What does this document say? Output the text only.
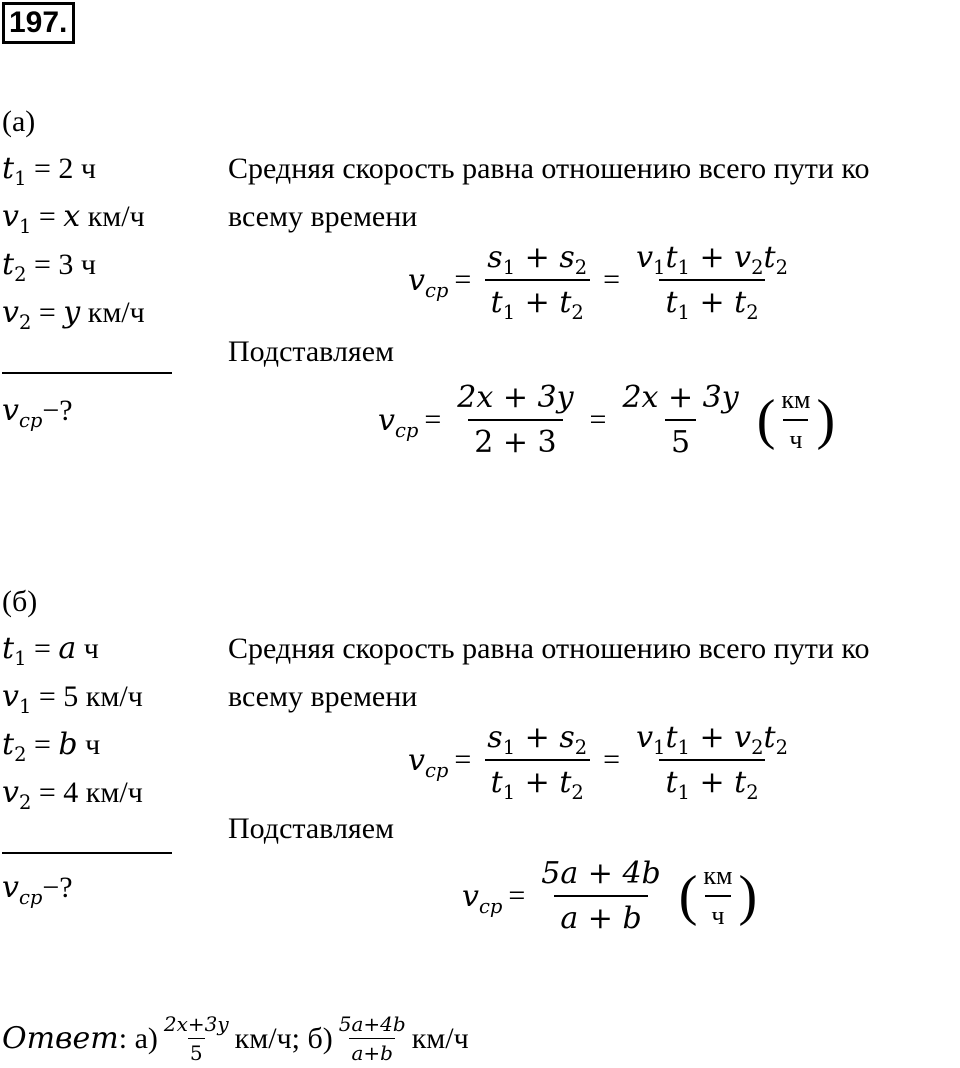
197.
(а)
$t_1 = 2$ ч
$v_1 = x$ км/ч
$t_2 = 3$ ч
$v_2 = y$ км/ч
$v_{cp}-$?
Средняя скорость равна отношению всего пути ко
всему времени
$v_{cp} = \frac{s_1 + s_2}{t_1 + t_2} = \frac{v_1t_1 + v_2t_2}{t_1 + t_2}$
Подставляем
$v_{cp} = \frac{2x + 3y}{2 + 3} = \frac{2x + 3y}{5}$ ( $\frac{км}{ч}$ )
(б)
$t_1 = a$ ч
$v_1 = 5$ км/ч
$t_2 = b$ ч
$v_2 = 4$ км/ч
$v_{cp}-$?
Средняя скорость равна отношению всего пути ко
всему времени
$v_{cp} = \frac{s_1 + s_2}{t_1 + t_2} = \frac{v_1t_1 + v_2t_2}{t_1 + t_2}$
Подставляем
$v_{cp} = \frac{5a + 4b}{a + b}$ ( $\frac{км}{ч}$ )
Ответ : $а) \frac{2x+3y}{5} км/ч$;
$б) \frac{5a+4b}{a+b} км/ч$
